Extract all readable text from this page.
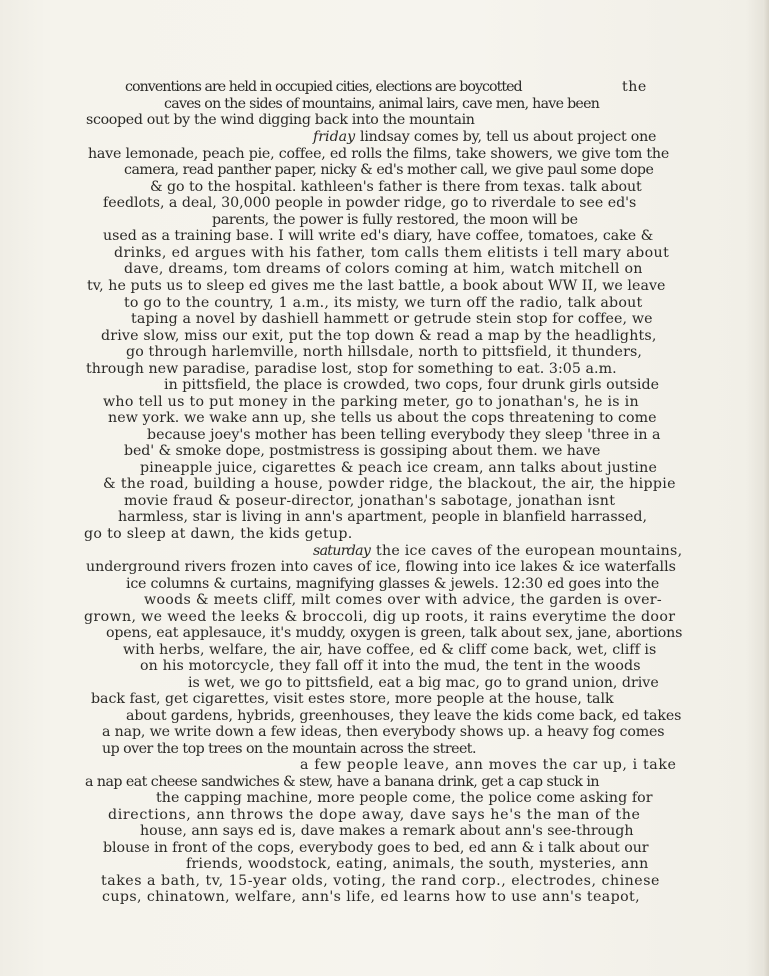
conventions are held in occupied cities, elections are boycotted	the
caves on the sides of mountains, animal lairs, cave men, have been
scooped out by the wind digging back into the mountain
friday lindsay comes by, tell us about project one
have lemonade, peach pie, coffee, ed rolls the films, take showers, we give tom the
camera, read panther paper, nicky & ed's mother call, we give paul some dope
& go to the hospital. kathleen's father is there from texas. talk about
feedlots, a deal, 30,000 people in powder ridge, go to riverdale to see ed's
parents, the power is fully restored, the moon will be
used as a training base. I will write ed's diary, have coffee, tomatoes, cake &
drinks, ed argues with his father, tom calls them elitists i tell mary about
dave, dreams, tom dreams of colors coming at him, watch mitchell on
tv, he puts us to sleep ed gives me the last battle, a book about WW II, we leave
to go to the country, 1 a.m., its misty, we turn off the radio, talk about
taping a novel by dashiell hammett or getrude stein stop for coffee, we
drive slow, miss our exit, put the top down & read a map by the headlights,
go through harlemville, north hillsdale, north to pittsfield, it thunders,
through new paradise, paradise lost, stop for something to eat. 3:05 a.m.
in pittsfield, the place is crowded, two cops, four drunk girls outside
who tell us to put money in the parking meter, go to jonathan's, he is in
new york. we wake ann up, she tells us about the cops threatening to come
because joey's mother has been telling everybody they sleep 'three in a
bed' & smoke dope, postmistress is gossiping about them. we have
pineapple juice, cigarettes & peach ice cream, ann talks about justine
& the road, building a house, powder ridge, the blackout, the air, the hippie
movie fraud & poseur-director, jonathan's sabotage, jonathan isnt
harmless, star is living in ann's apartment, people in blanfield harrassed,
go to sleep at dawn, the kids getup.
saturday the ice caves of the european mountains,
underground rivers frozen into caves of ice, flowing into ice lakes & ice waterfalls
ice columns & curtains, magnifying glasses & jewels. 12:30 ed goes into the
woods & meets cliff, milt comes over with advice, the garden is over-
grown, we weed the leeks & broccoli, dig up roots, it rains everytime the door
opens, eat applesauce, it's muddy, oxygen is green, talk about sex, jane, abortions
with herbs, welfare, the air, have coffee, ed & cliff come back, wet, cliff is
on his motorcycle, they fall off it into the mud, the tent in the woods
is wet, we go to pittsfield, eat a big mac, go to grand union, drive
back fast, get cigarettes, visit estes store, more people at the house, talk
about gardens, hybrids, greenhouses, they leave the kids come back, ed takes
a nap, we write down a few ideas, then everybody shows up. a heavy fog comes
up over the top trees on the mountain across the street.
a few people leave, ann moves the car up, i take
a nap eat cheese sandwiches & stew, have a banana drink, get a cap stuck in
the capping machine, more people come, the police come asking for
directions, ann throws the dope away, dave says he's the man of the
house, ann says ed is, dave makes a remark about ann's see-through
blouse in front of the cops, everybody goes to bed, ed ann & i talk about our
friends, woodstock, eating, animals, the south, mysteries, ann
takes a bath, tv, 15-year olds, voting, the rand corp., electrodes, chinese
cups, chinatown, welfare, ann's life, ed learns how to use ann's teapot,
